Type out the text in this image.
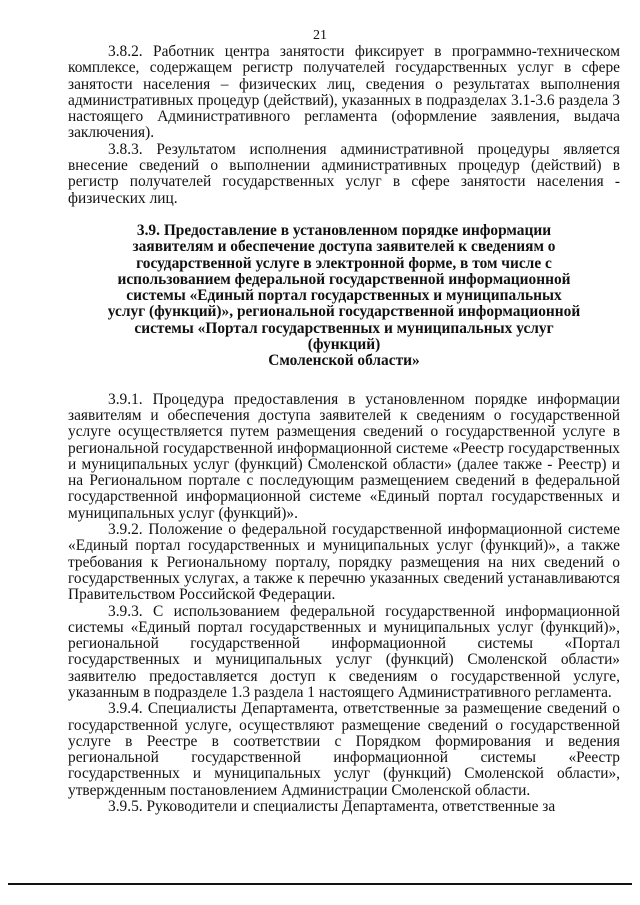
21

3.8.2. Работник центра занятости фиксирует в программно-техническом комплексе, содержащем регистр получателей государственных услуг в сфере занятости населения – физических лиц, сведения о результатах выполнения административных процедур (действий), указанных в подразделах 3.1-3.6 раздела 3 настоящего Административного регламента (оформление заявления, выдача заключения).

3.8.3. Результатом исполнения административной процедуры является внесение сведений о выполнении административных процедур (действий) в регистр получателей государственных услуг в сфере занятости населения - физических лиц.

3.9. Предоставление в установленном порядке информации
заявителям и обеспечение доступа заявителей к сведениям о
государственной услуге в электронной форме, в том числе с
использованием федеральной государственной информационной
системы «Единый портал государственных и муниципальных
услуг (функций)», региональной государственной информационной
системы «Портал государственных и муниципальных услуг (функций)
Смоленской области»

3.9.1. Процедура предоставления в установленном порядке информации заявителям и обеспечения доступа заявителей к сведениям о государственной услуге осуществляется путем размещения сведений о государственной услуге в региональной государственной информационной системе «Реестр государственных и муниципальных услуг (функций) Смоленской области» (далее также - Реестр) и на Региональном портале с последующим размещением сведений в федеральной государственной информационной системе «Единый портал государственных и муниципальных услуг (функций)».

3.9.2. Положение о федеральной государственной информационной системе «Единый портал государственных и муниципальных услуг (функций)», а также требования к Региональному порталу, порядку размещения на них сведений о государственных услугах, а также к перечню указанных сведений устанавливаются Правительством Российской Федерации.

3.9.3. С использованием федеральной государственной информационной системы «Единый портал государственных и муниципальных услуг (функций)», региональной государственной информационной системы «Портал государственных и муниципальных услуг (функций) Смоленской области» заявителю предоставляется доступ к сведениям о государственной услуге, указанным в подразделе 1.3 раздела 1 настоящего Административного регламента.

3.9.4. Специалисты Департамента, ответственные за размещение сведений о государственной услуге, осуществляют размещение сведений о государственной услуге в Реестре в соответствии с Порядком формирования и ведения региональной государственной информационной системы «Реестр государственных и муниципальных услуг (функций) Смоленской области», утвержденным постановлением Администрации Смоленской области.

3.9.5. Руководители и специалисты Департамента, ответственные за
